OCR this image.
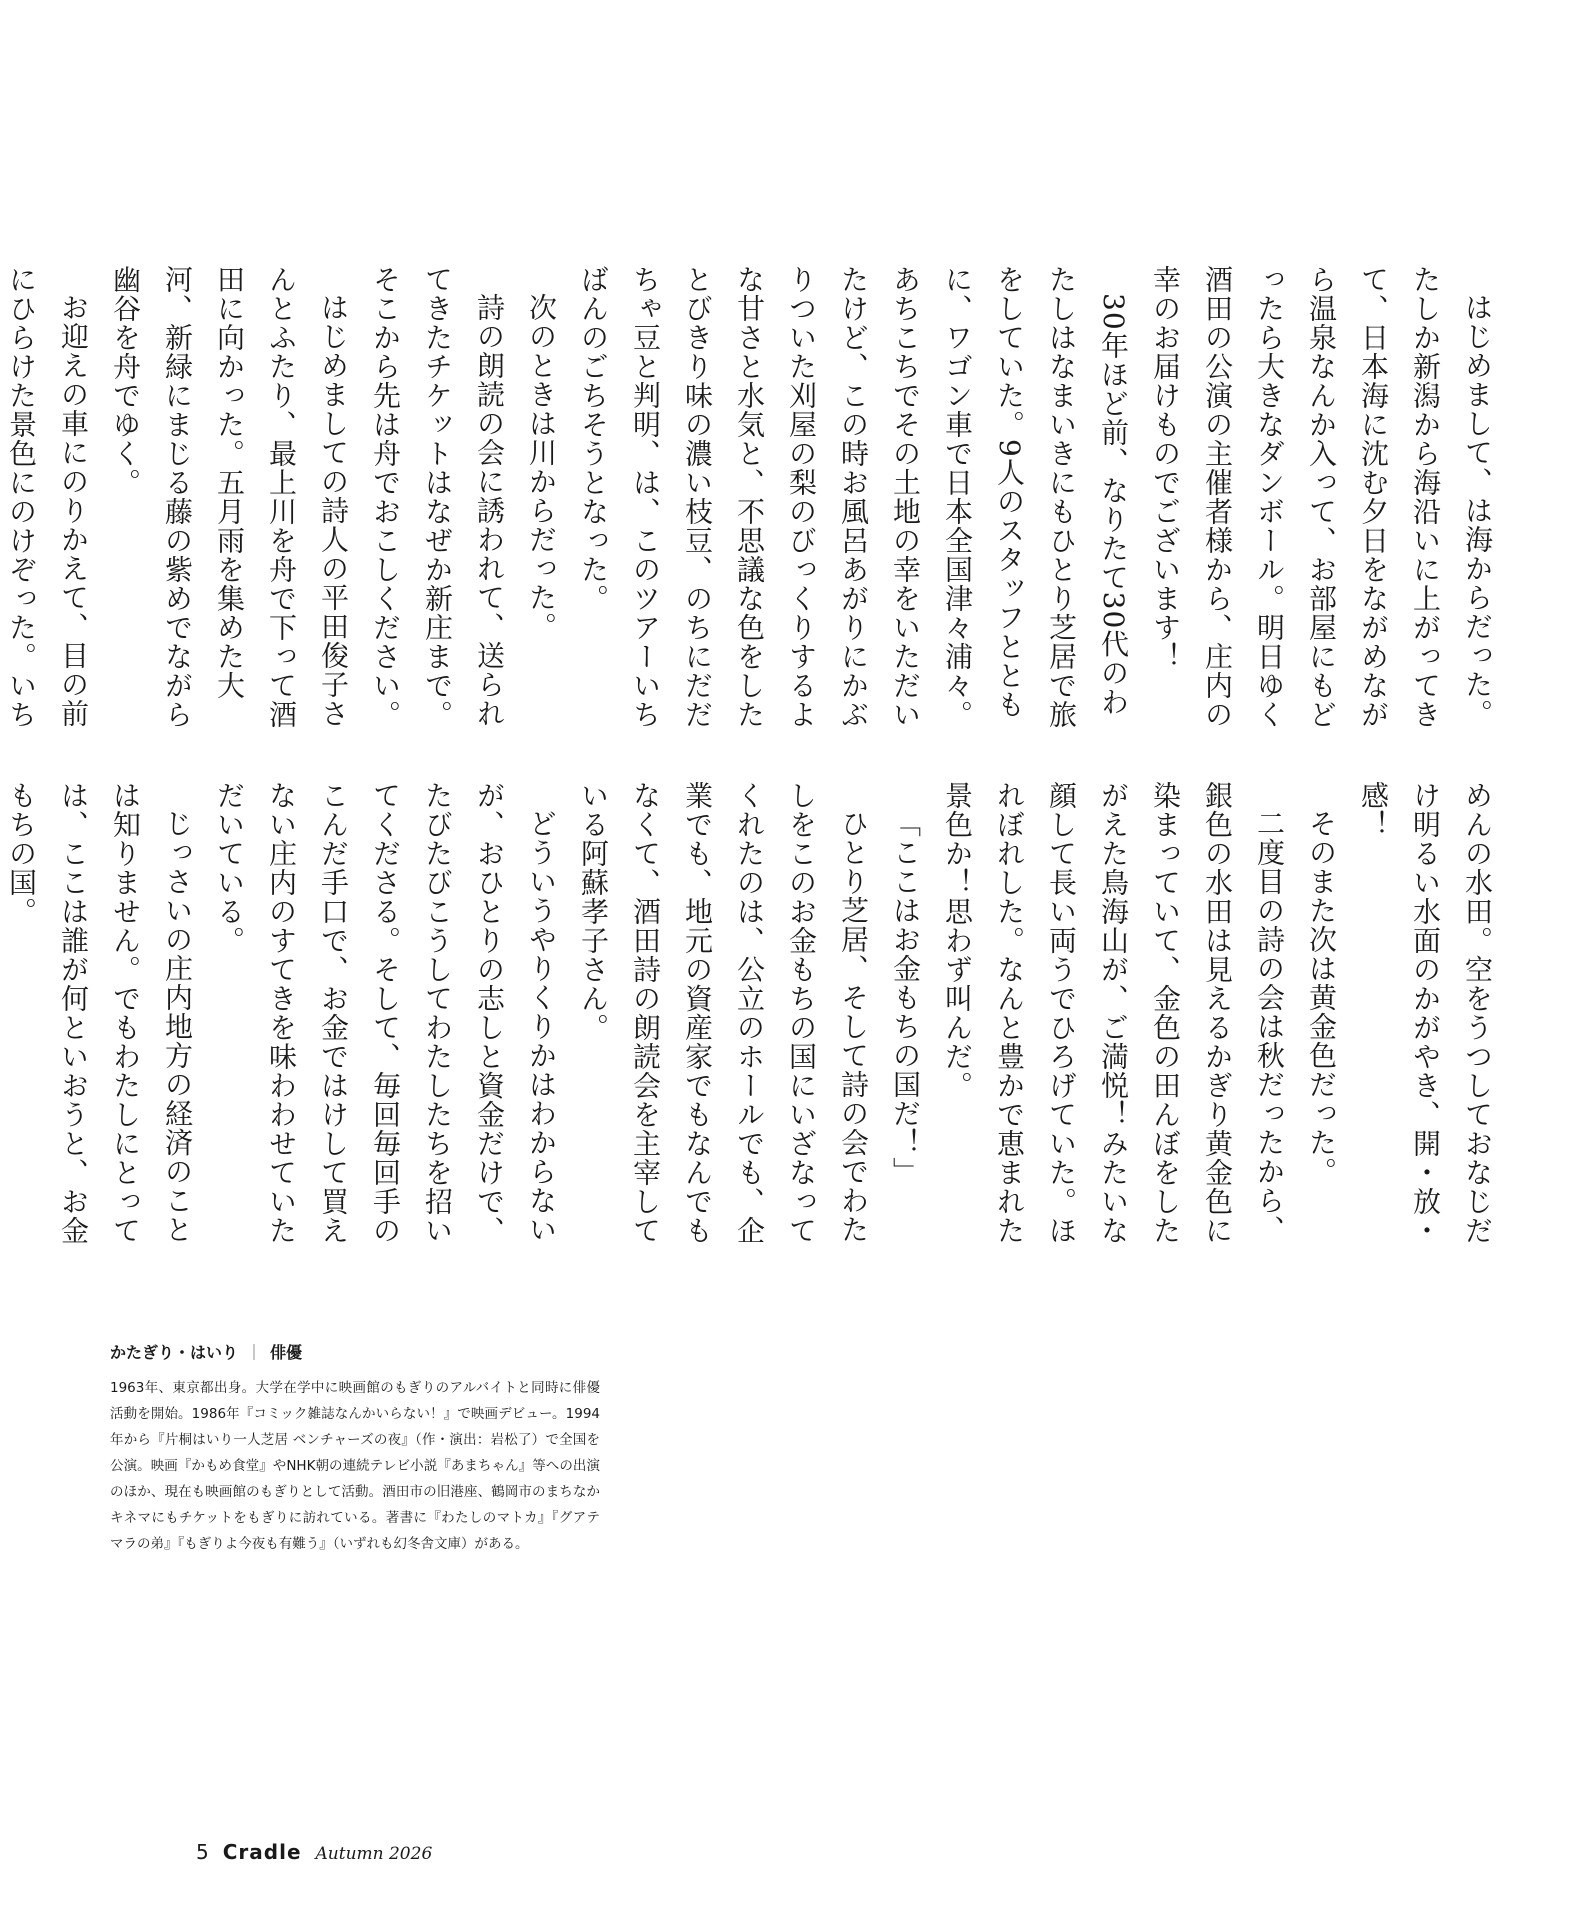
はじめまして、は海からだった。たしか新潟から海沿いに上がってきて、日本海に沈む夕日をながめながら温泉なんか入って、お部屋にもどったら大きなダンボール。明日ゆく酒田の公演の主催者様から、庄内の幸のお届けものでございます！

30年ほど前、なりたて30代のわたしはなまいきにもひとり芝居で旅をしていた。9人のスタッフとともに、ワゴン車で日本全国津々浦々。あちこちでその土地の幸をいただいたけど、この時お風呂あがりにかぶりついた刈屋の梨のびっくりするよな甘さと水気と、不思議な色をしたとびきり味の濃い枝豆、のちにだだちゃ豆と判明、は、このツアーいちばんのごちそうとなった。

次のときは川からだった。

詩の朗読の会に誘われて、送られてきたチケットはなぜか新庄まで。そこから先は舟でおこしください。

はじめましての詩人の平田俊子さんとふたり、最上川を舟で下って酒田に向かった。五月雨を集めた大河、新緑にまじる藤の紫めでながら幽谷を舟でゆく。

お迎えの車にのりかえて、目の前にひらけた景色にのけぞった。いち

めんの水田。空をうつしておなじだけ明るい水面のかがやき、開・放・感！

そのまた次は黄金色だった。

二度目の詩の会は秋だったから、銀色の水田は見えるかぎり黄金色に染まっていて、金色の田んぼをしたがえた鳥海山が、ご満悦！みたいな顔して長い両うでひろげていた。ほれぼれした。なんと豊かで恵まれた景色か！思わず叫んだ。

「ここはお金もちの国だ！」

ひとり芝居、そして詩の会でわたしをこのお金もちの国にいざなってくれたのは、公立のホールでも、企業でも、地元の資産家でもなんでもなくて、酒田詩の朗読会を主宰している阿蘇孝子さん。

どういうやりくりかはわからないが、おひとりの志しと資金だけで、たびたびこうしてわたしたちを招いてくださる。そして、毎回毎回手のこんだ手口で、お金ではけして買えない庄内のすてきを味わわせていただいている。

じっさいの庄内地方の経済のことは知りません。でもわたしにとっては、ここは誰が何といおうと、お金もちの国。

かたぎり・はいり ｜ 俳優

1963年、東京都出身。大学在学中に映画館のもぎりのアルバイトと同時に俳優活動を開始。1986年『コミック雑誌なんかいらない！』で映画デビュー。1994年から『片桐はいり一人芝居 ベンチャーズの夜』（作・演出：岩松了）で全国を公演。映画『かもめ食堂』やNHK朝の連続テレビ小説『あまちゃん』等への出演のほか、現在も映画館のもぎりとして活動。酒田市の旧港座、鶴岡市のまちなかキネマにもチケットをもぎりに訪れている。著書に『わたしのマトカ』『グアテマラの弟』『もぎりよ今夜も有難う』（いずれも幻冬舎文庫）がある。

5 Cradle Autumn 2026
